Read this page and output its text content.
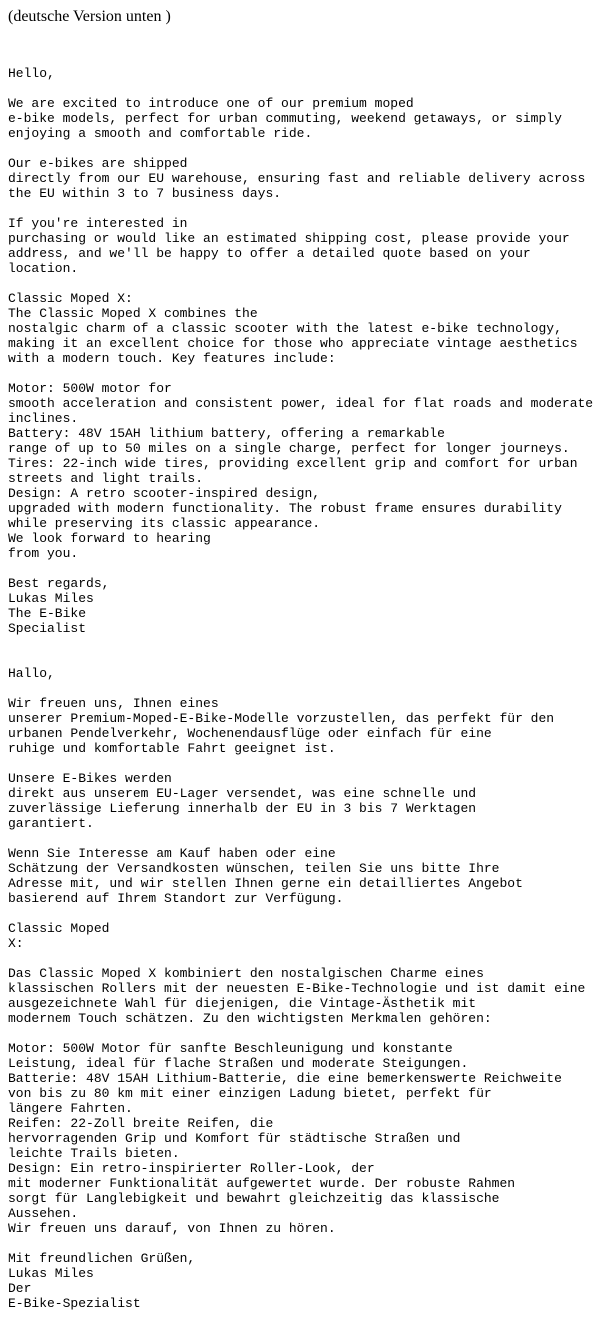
(deutsche Version unten )

Hello,

We are excited to introduce one of our premium moped
e-bike models, perfect for urban commuting, weekend getaways, or simply
enjoying a smooth and comfortable ride.

Our e-bikes are shipped
directly from our EU warehouse, ensuring fast and reliable delivery across
the EU within 3 to 7 business days.

If you're interested in
purchasing or would like an estimated shipping cost, please provide your
address, and we'll be happy to offer a detailed quote based on your
location.

Classic Moped X:
The Classic Moped X combines the
nostalgic charm of a classic scooter with the latest e-bike technology,
making it an excellent choice for those who appreciate vintage aesthetics
with a modern touch. Key features include:

Motor: 500W motor for
smooth acceleration and consistent power, ideal for flat roads and moderate
inclines.
Battery: 48V 15AH lithium battery, offering a remarkable
range of up to 50 miles on a single charge, perfect for longer journeys.
Tires: 22-inch wide tires, providing excellent grip and comfort for urban
streets and light trails.
Design: A retro scooter-inspired design,
upgraded with modern functionality. The robust frame ensures durability
while preserving its classic appearance.
We look forward to hearing
from you.

Best regards,
Lukas Miles
The E-Bike
Specialist

Hallo,

Wir freuen uns, Ihnen eines
unserer Premium-Moped-E-Bike-Modelle vorzustellen, das perfekt für den
urbanen Pendelverkehr, Wochenendausflüge oder einfach für eine
ruhige und komfortable Fahrt geeignet ist.

Unsere E-Bikes werden
direkt aus unserem EU-Lager versendet, was eine schnelle und
zuverlässige Lieferung innerhalb der EU in 3 bis 7 Werktagen
garantiert.

Wenn Sie Interesse am Kauf haben oder eine
Schätzung der Versandkosten wünschen, teilen Sie uns bitte Ihre
Adresse mit, und wir stellen Ihnen gerne ein detailliertes Angebot
basierend auf Ihrem Standort zur Verfügung.

Classic Moped
X:

Das Classic Moped X kombiniert den nostalgischen Charme eines
klassischen Rollers mit der neuesten E-Bike-Technologie und ist damit eine
ausgezeichnete Wahl für diejenigen, die Vintage-Ästhetik mit
modernem Touch schätzen. Zu den wichtigsten Merkmalen gehören:

Motor: 500W Motor für sanfte Beschleunigung und konstante
Leistung, ideal für flache Straßen und moderate Steigungen.
Batterie: 48V 15AH Lithium-Batterie, die eine bemerkenswerte Reichweite
von bis zu 80 km mit einer einzigen Ladung bietet, perfekt für
längere Fahrten.
Reifen: 22-Zoll breite Reifen, die
hervorragenden Grip und Komfort für städtische Straßen und
leichte Trails bieten.
Design: Ein retro-inspirierter Roller-Look, der
mit moderner Funktionalität aufgewertet wurde. Der robuste Rahmen
sorgt für Langlebigkeit und bewahrt gleichzeitig das klassische
Aussehen.
Wir freuen uns darauf, von Ihnen zu hören.

Mit freundlichen Grüßen,
Lukas Miles
Der
E-Bike-Spezialist
